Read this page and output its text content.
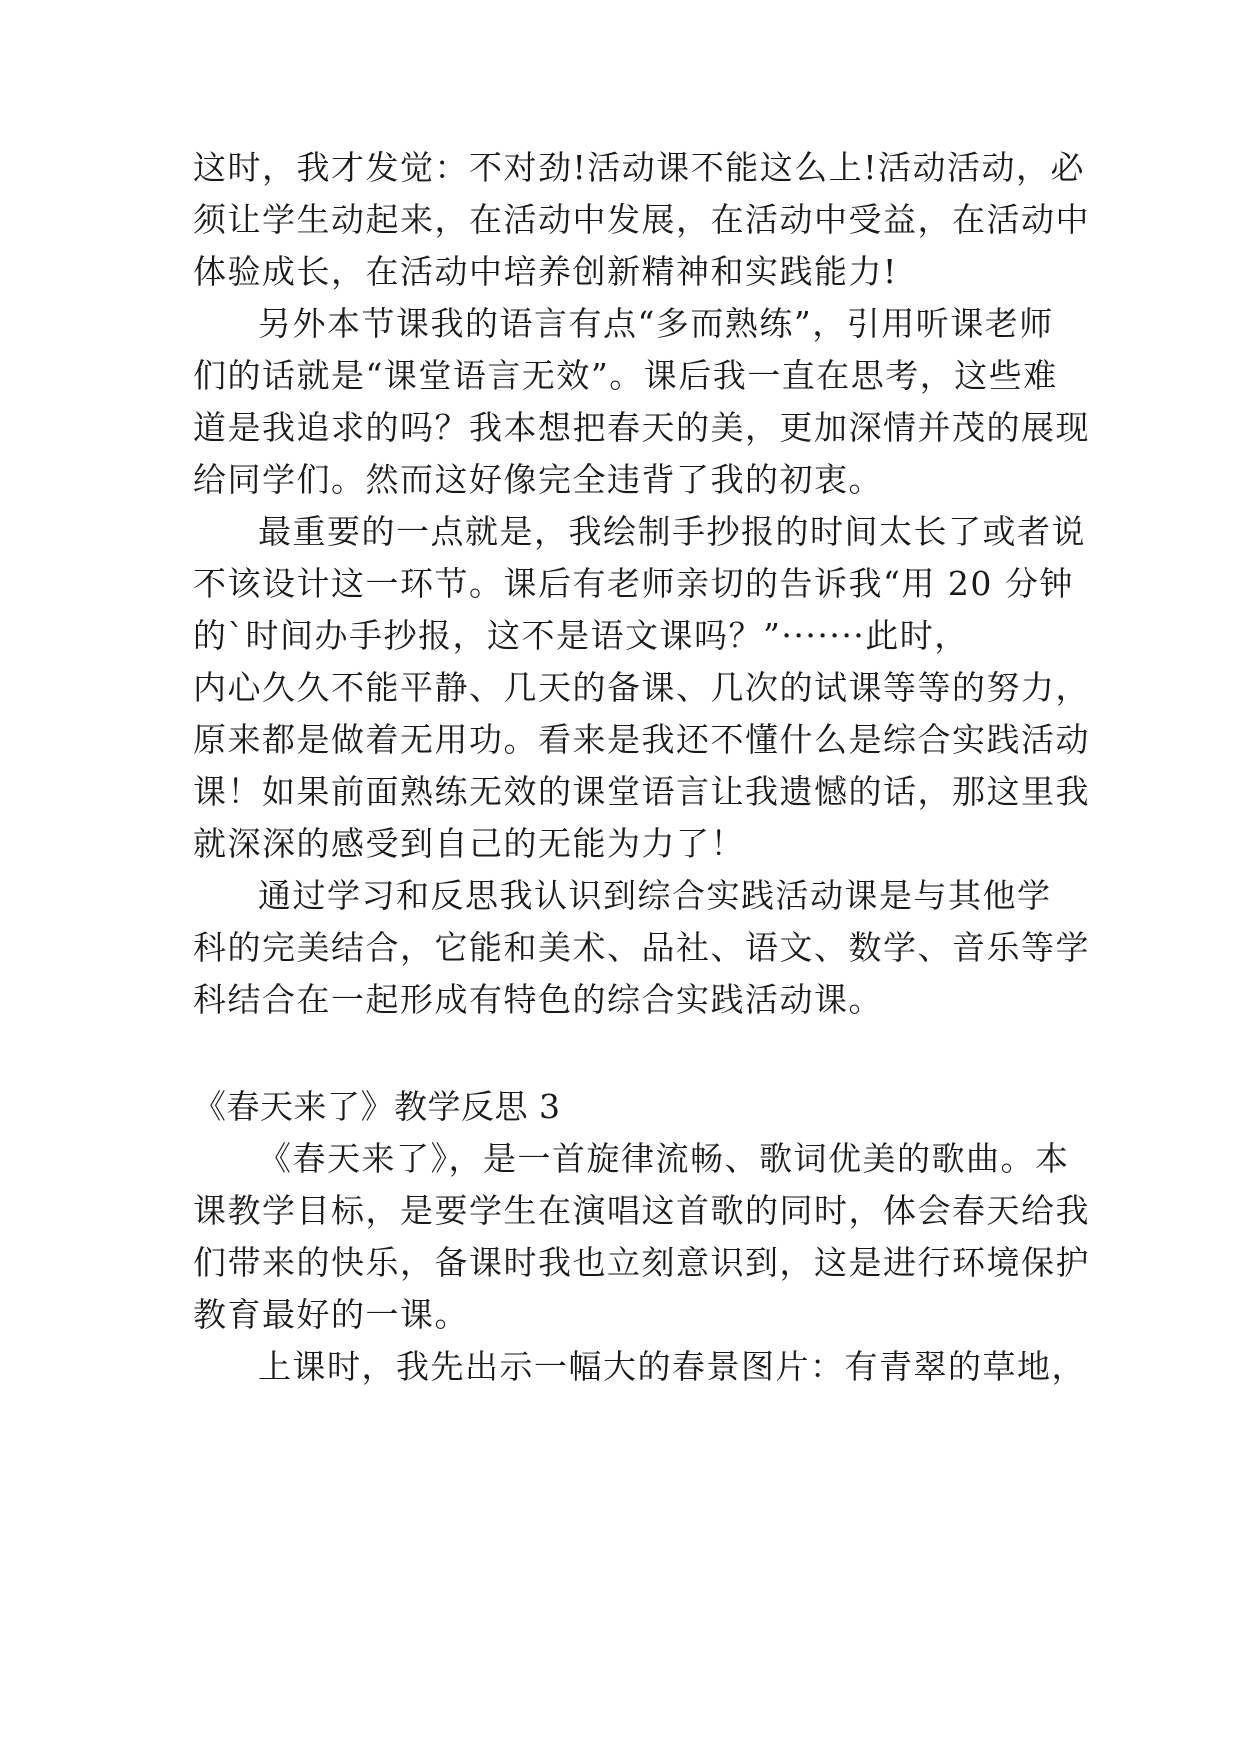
这时，我才发觉：不对劲!活动课不能这么上!活动活动，必
须让学生动起来，在活动中发展，在活动中受益，在活动中
体验成长，在活动中培养创新精神和实践能力!
另外本节课我的语言有点“多而熟练”，引用听课老师
们的话就是“课堂语言无效”。课后我一直在思考，这些难
道是我追求的吗？我本想把春天的美，更加深情并茂的展现
给同学们。然而这好像完全违背了我的初衷。
最重要的一点就是，我绘制手抄报的时间太长了或者说
不该设计这一环节。课后有老师亲切的告诉我“用 20 分钟
的`时间办手抄报，这不是语文课吗？”·······此时，
内心久久不能平静、几天的备课、几次的试课等等的努力，
原来都是做着无用功。看来是我还不懂什么是综合实践活动
课！如果前面熟练无效的课堂语言让我遗憾的话，那这里我
就深深的感受到自己的无能为力了！
通过学习和反思我认识到综合实践活动课是与其他学
科的完美结合，它能和美术、品社、语文、数学、音乐等学
科结合在一起形成有特色的综合实践活动课。
《春天来了》教学反思 3
《春天来了》，是一首旋律流畅、歌词优美的歌曲。本
课教学目标，是要学生在演唱这首歌的同时，体会春天给我
们带来的快乐，备课时我也立刻意识到，这是进行环境保护
教育最好的一课。
上课时，我先出示一幅大的春景图片：有青翠的草地，
